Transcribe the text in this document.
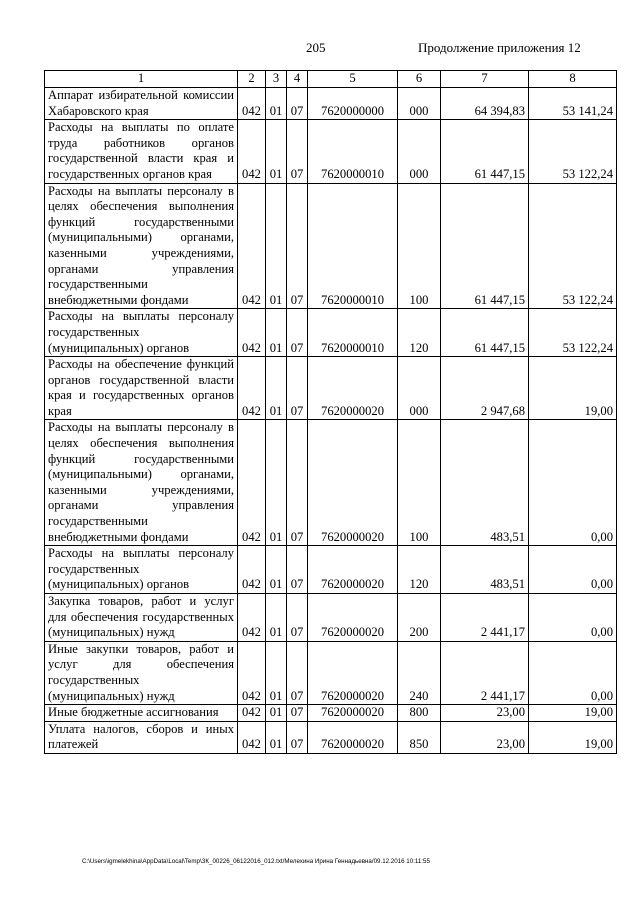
205	Продолжение приложения 12
1	2	3	4	5	6	7	8
Аппарат избирательной комиссии Хабаровского края	042	01	07	7620000000	000	64 394,83	53 141,24
Расходы на выплаты по оплате труда работников органов государственной власти края и государственных органов края	042	01	07	7620000010	000	61 447,15	53 122,24
Расходы на выплаты персоналу в целях обеспечения выполнения функций государственными (муниципальными) органами, казенными учреждениями, органами управления государственными внебюджетными фондами	042	01	07	7620000010	100	61 447,15	53 122,24
Расходы на выплаты персоналу государственных (муниципальных) органов	042	01	07	7620000010	120	61 447,15	53 122,24
Расходы на обеспечение функций органов государственной власти края и государственных органов края	042	01	07	7620000020	000	2 947,68	19,00
Расходы на выплаты персоналу в целях обеспечения выполнения функций государственными (муниципальными) органами, казенными учреждениями, органами управления государственными внебюджетными фондами	042	01	07	7620000020	100	483,51	0,00
Расходы на выплаты персоналу государственных (муниципальных) органов	042	01	07	7620000020	120	483,51	0,00
Закупка товаров, работ и услуг для обеспечения государственных (муниципальных) нужд	042	01	07	7620000020	200	2 441,17	0,00
Иные закупки товаров, работ и услуг для обеспечения государственных (муниципальных) нужд	042	01	07	7620000020	240	2 441,17	0,00
Иные бюджетные ассигнования	042	01	07	7620000020	800	23,00	19,00
Уплата налогов, сборов и иных платежей	042	01	07	7620000020	850	23,00	19,00
C:\Users\igmelekhina\AppData\Local\Temp\ЗК_00226_06122016_012.txt/Мелехина Ирина Геннадьевна/09.12.2016 10:11:55
